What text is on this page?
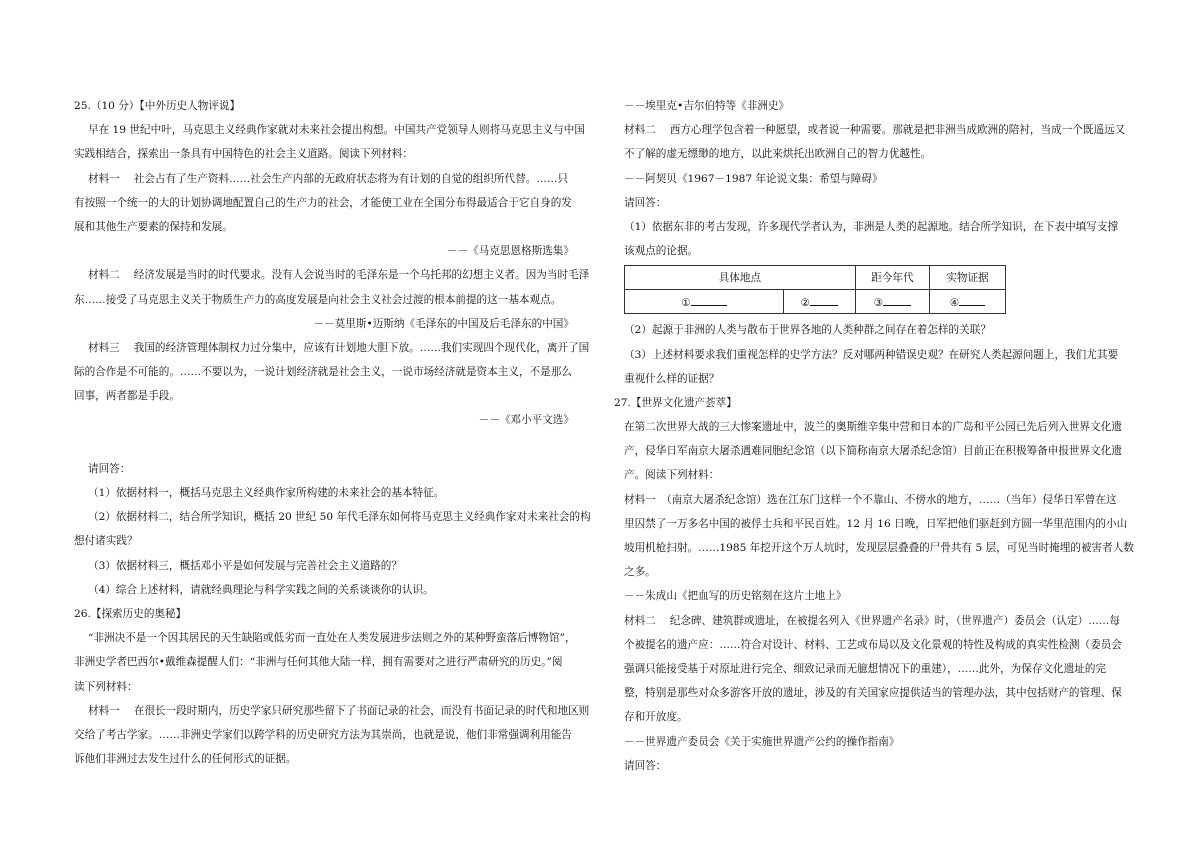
25.（10 分）【中外历史人物评说】
早在 19 世纪中叶，马克思主义经典作家就对未来社会提出构想。中国共产党领导人则将马克思主义与中国
实践相结合，探索出一条具有中国特色的社会主义道路。阅读下列材料：
材料一　 社会占有了生产资料……社会生产内部的无政府状态将为有计划的自觉的组织所代替。……只
有按照一个统一的大的计划协调地配置自己的生产力的社会，才能使工业在全国分布得最适合于它自身的发
展和其他生产要素的保持和发展。
－－《马克思恩格斯选集》
材料二　 经济发展是当时的时代要求。没有人会说当时的毛泽东是一个乌托邦的幻想主义者。因为当时毛泽
东……接受了马克思主义关于物质生产力的高度发展是向社会主义社会过渡的根本前提的这一基本观点。
－－莫里斯•迈斯纳《毛泽东的中国及后毛泽东的中国》
材料三　 我国的经济管理体制权力过分集中，应该有计划地大胆下放。……我们实现四个现代化，离开了国
际的合作是不可能的。……不要以为，一说计划经济就是社会主义，一说市场经济就是资本主义，不是那么
回事，两者都是手段。
－－《邓小平文选》
请回答：
（1）依据材料一，概括马克思主义经典作家所构建的未来社会的基本特征。
（2）依据材料二，结合所学知识，概括 20 世纪 50 年代毛泽东如何将马克思主义经典作家对未来社会的构
想付诸实践？
（3）依据材料三，概括邓小平是如何发展与完善社会主义道路的？
（4）综合上述材料，请就经典理论与科学实践之间的关系谈谈你的认识。
26.【探索历史的奥秘】
“非洲决不是一个因其居民的天生缺陷或低劣而一直处在人类发展进步法则之外的某种野蛮落后博物馆”，
非洲史学者巴西尔•戴维森提醒人们：“非洲与任何其他大陆一样，拥有需要对之进行严肃研究的历史。”阅
读下列材料：
材料一　 在很长一段时期内，历史学家只研究那些留下了书面记录的社会，而没有书面记录的时代和地区则
交给了考古学家。……非洲史学家们以跨学科的历史研究方法为其崇尚，也就是说，他们非常强调利用能告
诉他们非洲过去发生过什么的任何形式的证据。
－－埃里克•吉尔伯特等《非洲史》
材料二　 西方心理学包含着一种愿望，或者说一种需要。那就是把非洲当成欧洲的陪衬，当成一个既遥远又
不了解的虚无缥缈的地方，以此来烘托出欧洲自己的智力优越性。
－－阿契贝《1967－1987 年论说文集：希望与障碍》
请回答：
（1）依据东非的考古发现，许多现代学者认为，非洲是人类的起源地。结合所学知识，在下表中填写支撑
该观点的论据。
具体地点		距今年代	实物证据
①	②	③	④
（2）起源于非洲的人类与散布于世界各地的人类种群之间存在着怎样的关联？
（3）上述材料要求我们重视怎样的史学方法？反对哪两种错误史观？在研究人类起源问题上，我们尤其要
重视什么样的证据？
27.【世界文化遗产荟萃】
在第二次世界大战的三大惨案遗址中，波兰的奥斯维辛集中营和日本的广岛和平公园已先后列入世界文化遗
产，侵华日军南京大屠杀遇难同胞纪念馆（以下简称南京大屠杀纪念馆）目前正在积极筹备申报世界文化遗
产。阅读下列材料：
材料一　（南京大屠杀纪念馆）选在江东门这样一个不靠山、不傍水的地方，……（当年）侵华日军曾在这
里囚禁了一万多名中国的被俘士兵和平民百姓。12 月 16 日晚，日军把他们驱赶到方圆一华里范围内的小山
坡用机枪扫射。……1985 年挖开这个万人坑时，发现层层叠叠的尸骨共有 5 层，可见当时掩埋的被害者人数
之多。
－－朱成山《把血写的历史铭刻在这片土地上》
材料二　 纪念碑、建筑群或遗址，在被提名列入《世界遗产名录》时，（世界遗产）委员会（认定）……每
个被提名的遗产应：……符合对设计、材料、工艺或布局以及文化景观的特性及构成的真实性检测（委员会
强调只能接受基于对原址进行完全、细致记录而无臆想情况下的重建），……此外，为保存文化遗址的完
整，特别是那些对众多游客开放的遗址，涉及的有关国家应提供适当的管理办法，其中包括财产的管理、保
存和开放度。
－－世界遗产委员会《关于实施世界遗产公约的操作指南》
请回答：
